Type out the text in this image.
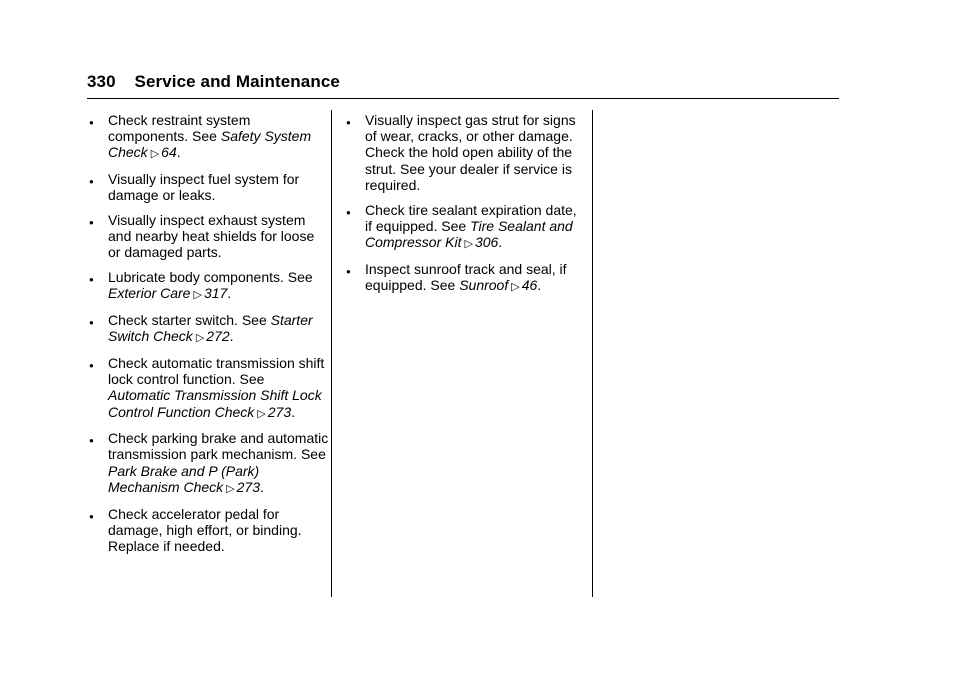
330 Service and Maintenance
● Check restraint system components. See Safety System Check ▷ 64.
● Visually inspect fuel system for damage or leaks.
● Visually inspect exhaust system and nearby heat shields for loose or damaged parts.
● Lubricate body components. See Exterior Care ▷ 317.
● Check starter switch. See Starter Switch Check ▷ 272.
● Check automatic transmission shift lock control function. See Automatic Transmission Shift Lock Control Function Check ▷ 273.
● Check parking brake and automatic transmission park mechanism. See Park Brake and P (Park) Mechanism Check ▷ 273.
● Check accelerator pedal for damage, high effort, or binding. Replace if needed.
● Visually inspect gas strut for signs of wear, cracks, or other damage. Check the hold open ability of the strut. See your dealer if service is required.
● Check tire sealant expiration date, if equipped. See Tire Sealant and Compressor Kit ▷ 306.
● Inspect sunroof track and seal, if equipped. See Sunroof ▷ 46.
